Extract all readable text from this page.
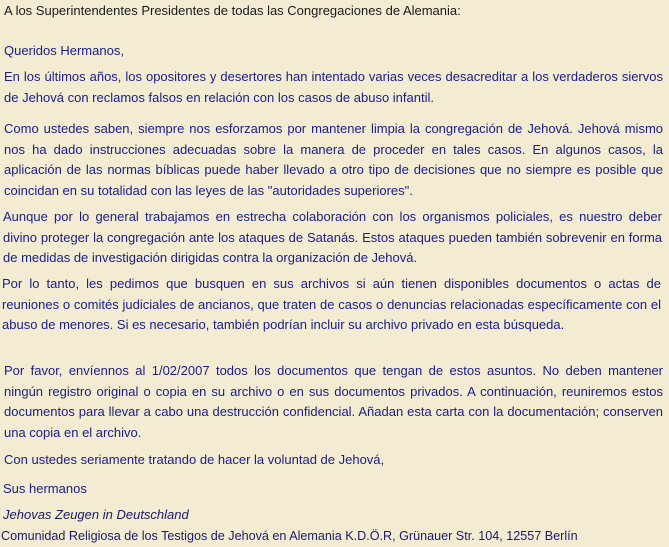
A los Superintendentes Presidentes de todas las Congregaciones de Alemania:
Queridos Hermanos,
En los últimos años, los opositores y desertores han intentado varias veces desacreditar a los verdaderos siervos de Jehová con reclamos falsos en relación con los casos de abuso infantil.
Como ustedes saben, siempre nos esforzamos por mantener limpia la congregación de Jehová. Jehová mismo nos ha dado instrucciones adecuadas sobre la manera de proceder en tales casos. En algunos casos, la aplicación de las normas bíblicas puede haber llevado a otro tipo de decisiones que no siempre es posible que coincidan en su totalidad con las leyes de las "autoridades superiores".
Aunque por lo general trabajamos en estrecha colaboración con los organismos policiales, es nuestro deber divino proteger la congregación ante los ataques de Satanás. Estos ataques pueden también sobrevenir en forma de medidas de investigación dirigidas contra la organización de Jehová.
Por lo tanto, les pedimos que busquen en sus archivos si aún tienen disponibles documentos o actas de reuniones o comités judiciales de ancianos, que traten de casos o denuncias relacionadas específicamente con el abuso de menores. Si es necesario, también podrían incluir su archivo privado en esta búsqueda.
Por favor, envíennos al 1/02/2007 todos los documentos que tengan de estos asuntos. No deben mantener ningún registro original o copia en su archivo o en sus documentos privados. A continuación, reuniremos estos documentos para llevar a cabo una destrucción confidencial. Añadan esta carta con la documentación; conserven una copia en el archivo.
Con ustedes seriamente tratando de hacer la voluntad de Jehová,
Sus hermanos
Jehovas Zeugen in Deutschland
Comunidad Religiosa de los Testigos de Jehová en Alemania K.D.Ö.R, Grünauer Str. 104, 12557 Berlín
